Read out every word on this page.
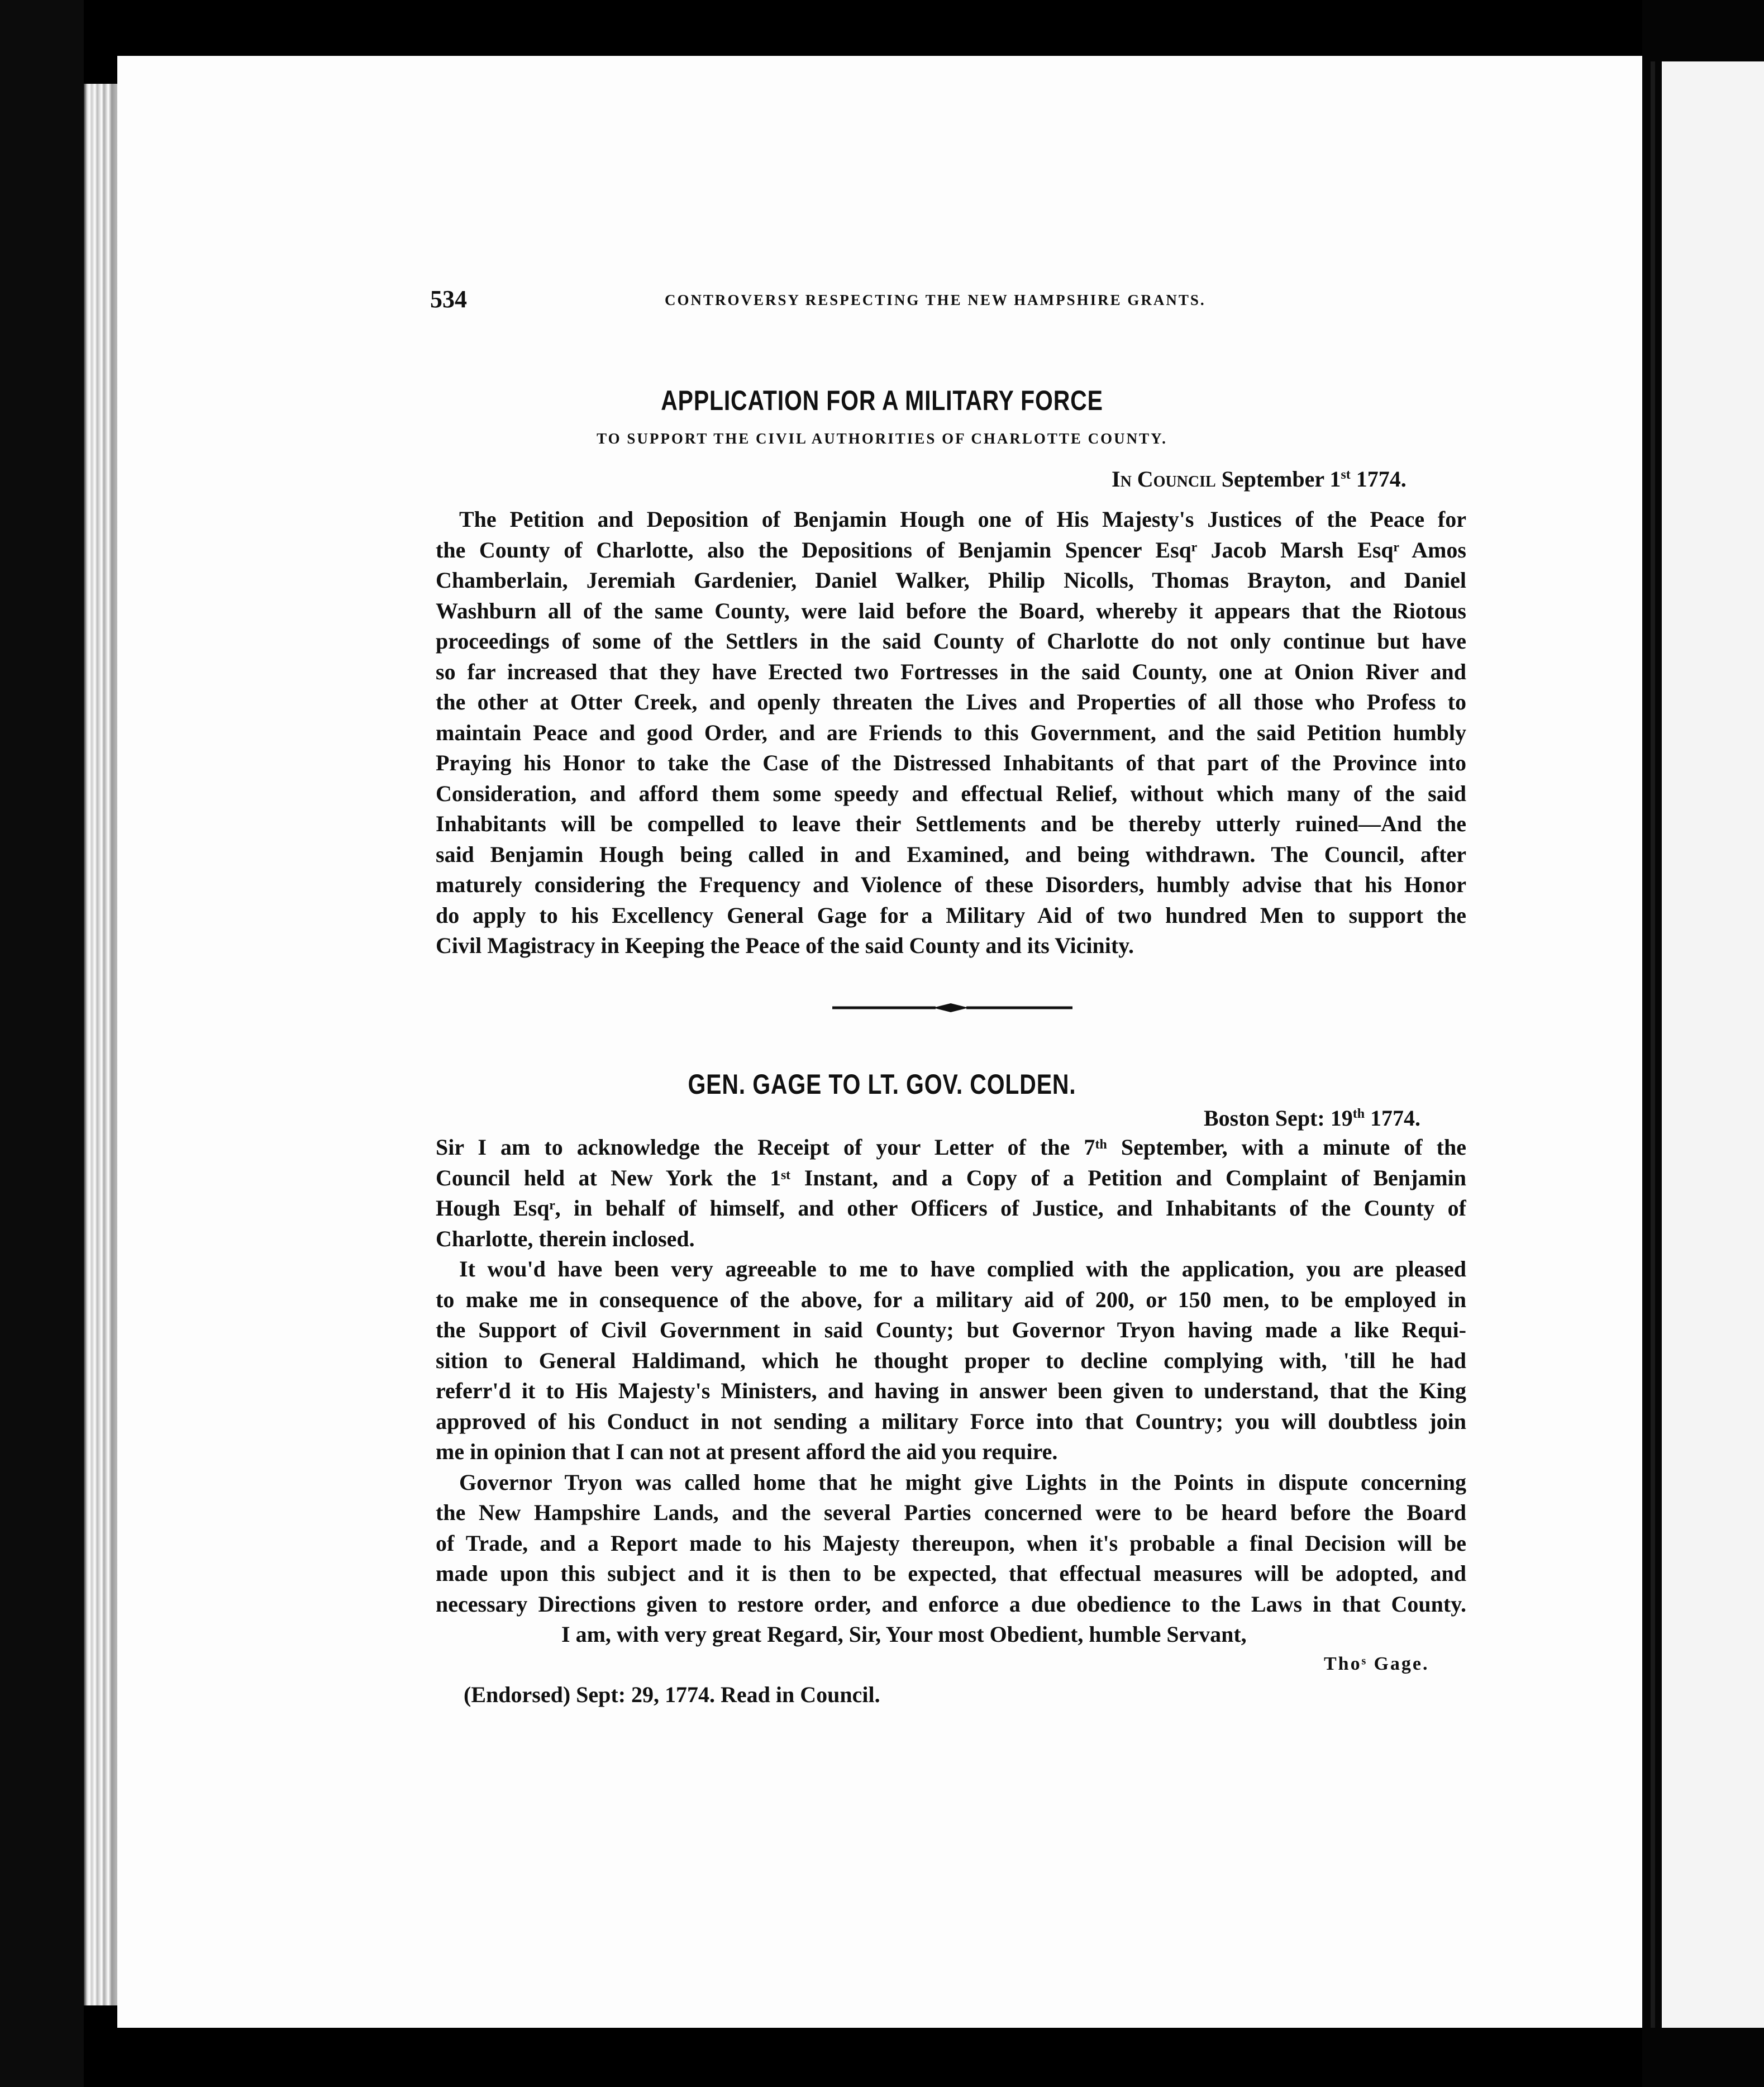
534	CONTROVERSY RESPECTING THE NEW HAMPSHIRE GRANTS.
APPLICATION FOR A MILITARY FORCE
TO SUPPORT THE CIVIL AUTHORITIES OF CHARLOTTE COUNTY.
In Council September 1st 1774.
The Petition and Deposition of Benjamin Hough one of His Majesty's Justices of the Peace for
the County of Charlotte, also the Depositions of Benjamin Spencer Esqʳ Jacob Marsh Esqʳ Amos
Chamberlain, Jeremiah Gardenier, Daniel Walker, Philip Nicolls, Thomas Brayton, and Daniel
Washburn all of the same County, were laid before the Board, whereby it appears that the Riotous
proceedings of some of the Settlers in the said County of Charlotte do not only continue but have
so far increased that they have Erected two Fortresses in the said County, one at Onion River and
the other at Otter Creek, and openly threaten the Lives and Properties of all those who Profess to
maintain Peace and good Order, and are Friends to this Government, and the said Petition humbly
Praying his Honor to take the Case of the Distressed Inhabitants of that part of the Province into
Consideration, and afford them some speedy and effectual Relief, without which many of the said
Inhabitants will be compelled to leave their Settlements and be thereby utterly ruined—And the
said Benjamin Hough being called in and Examined, and being withdrawn. The Council, after
maturely considering the Frequency and Violence of these Disorders, humbly advise that his Honor
do apply to his Excellency General Gage for a Military Aid of two hundred Men to support the
Civil Magistracy in Keeping the Peace of the said County and its Vicinity.
GEN. GAGE TO LT. GOV. COLDEN.
Boston Sept: 19th 1774.
Sir I am to acknowledge the Receipt of your Letter of the 7ᵗʰ September, with a minute of the
Council held at New York the 1ˢᵗ Instant, and a Copy of a Petition and Complaint of Benjamin
Hough Esqʳ, in behalf of himself, and other Officers of Justice, and Inhabitants of the County of
Charlotte, therein inclosed.
It wou'd have been very agreeable to me to have complied with the application, you are pleased
to make me in consequence of the above, for a military aid of 200, or 150 men, to be employed in
the Support of Civil Government in said County; but Governor Tryon having made a like Requi-
sition to General Haldimand, which he thought proper to decline complying with, 'till he had
referr'd it to His Majesty's Ministers, and having in answer been given to understand, that the King
approved of his Conduct in not sending a military Force into that Country; you will doubtless join
me in opinion that I can not at present afford the aid you require.
Governor Tryon was called home that he might give Lights in the Points in dispute concerning
the New Hampshire Lands, and the several Parties concerned were to be heard before the Board
of Trade, and a Report made to his Majesty thereupon, when it's probable a final Decision will be
made upon this subject and it is then to be expected, that effectual measures will be adopted, and
necessary Directions given to restore order, and enforce a due obedience to the Laws in that County.
I am, with very great Regard, Sir, Your most Obedient, humble Servant,
Thoˢ Gage.
(Endorsed) Sept: 29, 1774. Read in Council.
